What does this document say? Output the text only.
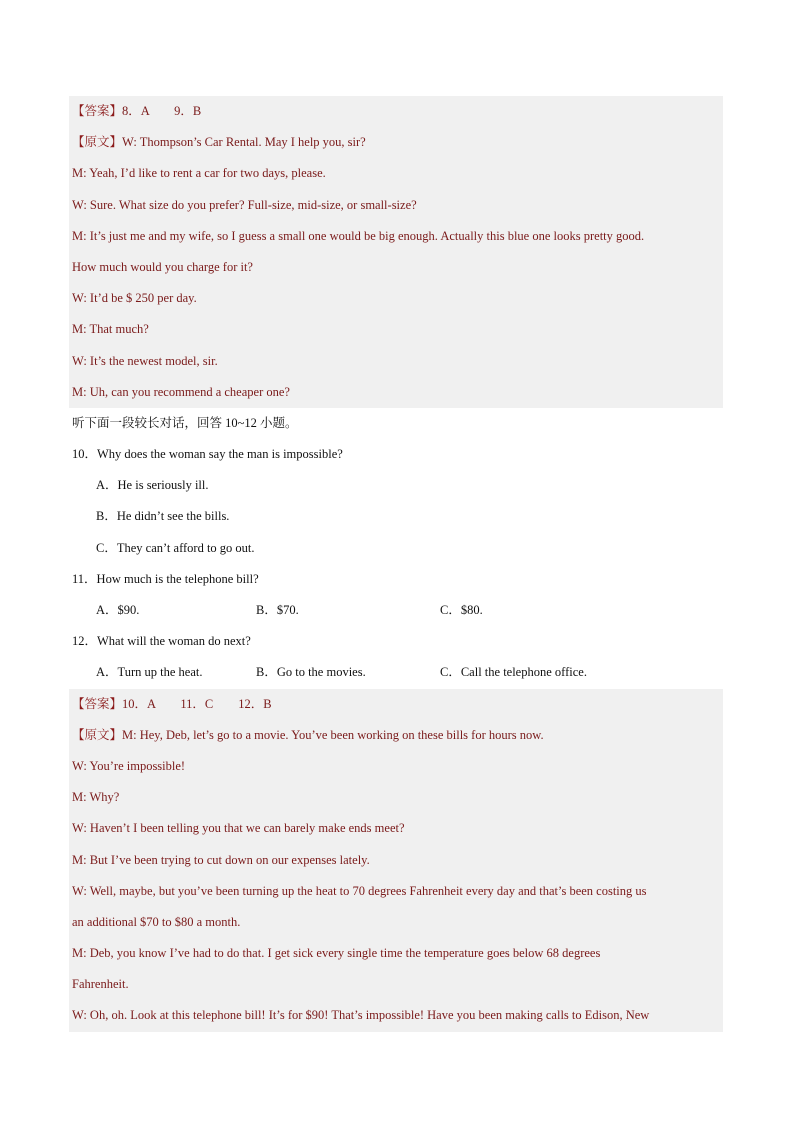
【答案】8．A　　9．B
【原文】W: Thompson’s Car Rental. May I help you, sir?
M: Yeah, I’d like to rent a car for two days, please.
W: Sure. What size do you prefer? Full-size, mid-size, or small-size?
M: It’s just me and my wife, so I guess a small one would be big enough. Actually this blue one looks pretty good.
How much would you charge for it?
W: It’d be $ 250 per day.
M: That much?
W: It’s the newest model, sir.
M: Uh, can you recommend a cheaper one?
听下面一段较长对话，回答 10~12 小题。
10．Why does the woman say the man is impossible?
A．He is seriously ill.
B．He didn’t see the bills.
C．They can’t afford to go out.
11．How much is the telephone bill?
A．$90.	B．$70.	C．$80.
12．What will the woman do next?
A．Turn up the heat.	B．Go to the movies.	C．Call the telephone office.
【答案】10．A　　11．C　　12．B
【原文】M: Hey, Deb, let’s go to a movie. You’ve been working on these bills for hours now.
W: You’re impossible!
M: Why?
W: Haven’t I been telling you that we can barely make ends meet?
M: But I’ve been trying to cut down on our expenses lately.
W: Well, maybe, but you’ve been turning up the heat to 70 degrees Fahrenheit every day and that’s been costing us
an additional $70 to $80 a month.
M: Deb, you know I’ve had to do that. I get sick every single time the temperature goes below 68 degrees
Fahrenheit.
W: Oh, oh. Look at this telephone bill! It’s for $90! That’s impossible! Have you been making calls to Edison, New
